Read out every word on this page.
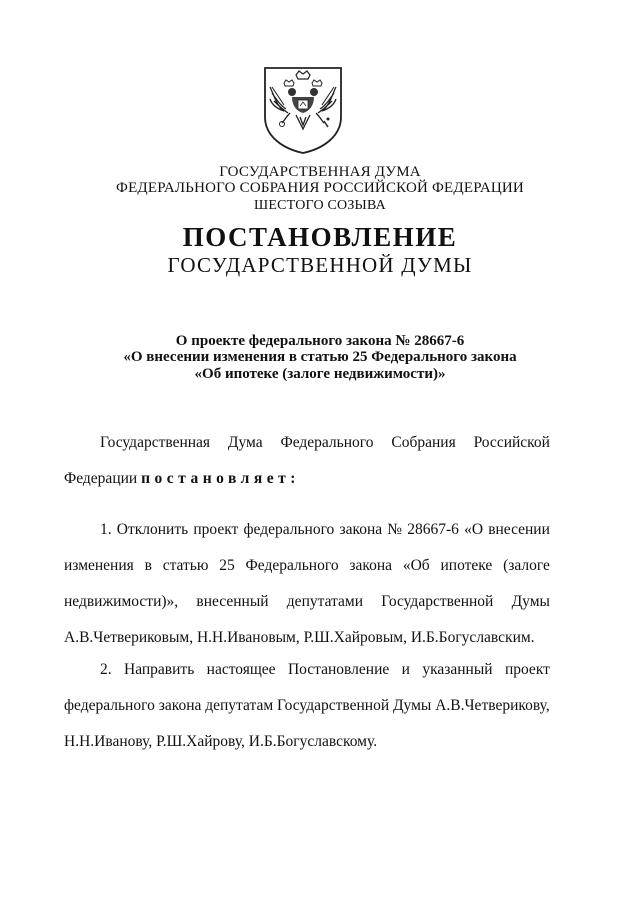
ГОСУДАРСТВЕННАЯ ДУМА
ФЕДЕРАЛЬНОГО СОБРАНИЯ РОССИЙСКОЙ ФЕДЕРАЦИИ
ШЕСТОГО СОЗЫВА
ПОСТАНОВЛЕНИЕ
ГОСУДАРСТВЕННОЙ ДУМЫ
О проекте федерального закона № 28667-6
«О внесении изменения в статью 25 Федерального закона
«Об ипотеке (залоге недвижимости)»
Государственная Дума Федерального Собрания Российской
Федерации постановляет:
1. Отклонить проект федерального закона № 28667-6 «О внесении
изменения в статью 25 Федерального закона «Об ипотеке (залоге
недвижимости)», внесенный депутатами Государственной Думы
А.В.Четвериковым, Н.Н.Ивановым, Р.Ш.Хайровым, И.Б.Богуславским.
2. Направить настоящее Постановление и указанный проект
федерального закона депутатам Государственной Думы А.В.Четверикову,
Н.Н.Иванову, Р.Ш.Хайрову, И.Б.Богуславскому.
